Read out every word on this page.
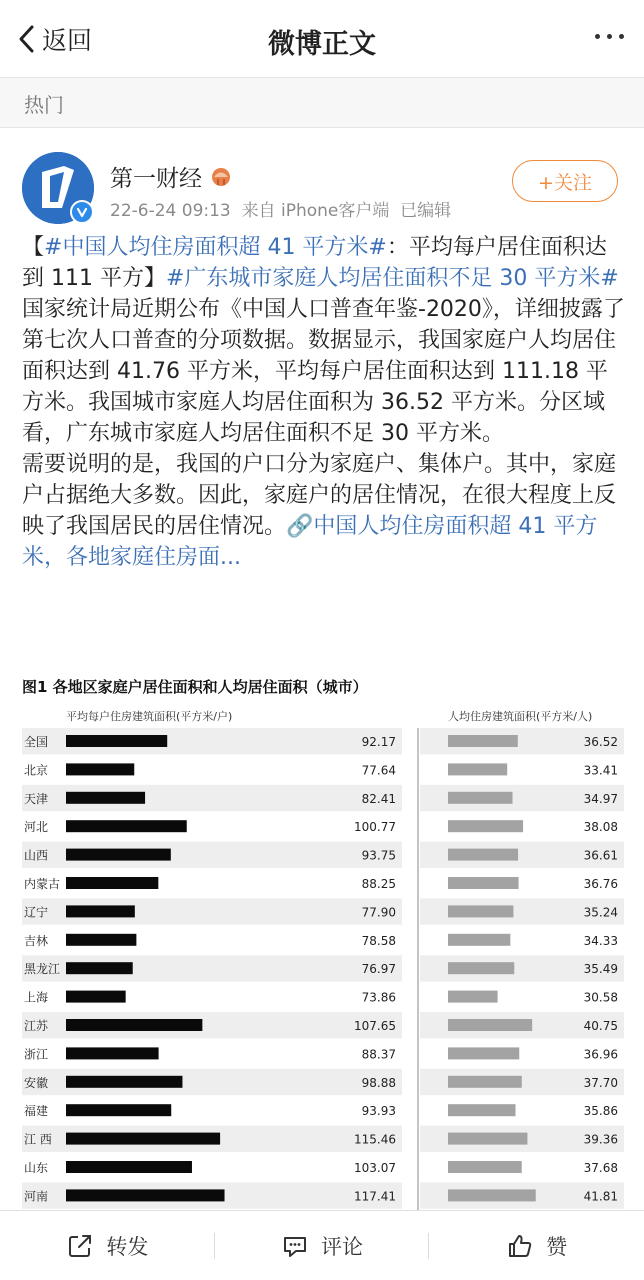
返回	微博正文
热门
第一财经
22-6-24 09:13 来自 iPhone客户端 已编辑
+关注

【#中国人均住房面积超 41 平方米#：平均每户居住面积达到 111 平方】#广东城市家庭人均居住面积不足 30 平方米#国家统计局近期公布《中国人口普查年鉴-2020》，详细披露了第七次人口普查的分项数据。数据显示，我国家庭户人均居住面积达到 41.76 平方米，平均每户居住面积达到 111.18 平方米。我国城市家庭人均居住面积为 36.52 平方米。分区域看，广东城市家庭人均居住面积不足 30 平方米。

需要说明的是，我国的户口分为家庭户、集体户。其中，家庭户占据绝大多数。因此，家庭户的居住情况，在很大程度上反映了我国居民的居住情况。🔗中国人均住房面积超 41 平方米，各地家庭住房面...

图1 各地区家庭户居住面积和人均居住面积（城市）
平均每户住房建筑面积(平方米/户)	人均住房建筑面积(平方米/人)
全国	92.17	36.52
北京	77.64	33.41
天津	82.41	34.97
河北	100.77	38.08
山西	93.75	36.61
内蒙古	88.25	36.76
辽宁	77.90	35.24
吉林	78.58	34.33
黑龙江	76.97	35.49
上海	73.86	30.58
江苏	107.65	40.75
浙江	88.37	36.96
安徽	98.88	37.70
福建	93.93	35.86
江 西	115.46	39.36
山东	103.07	37.68
河南	117.41	41.81
转发	评论	赞
